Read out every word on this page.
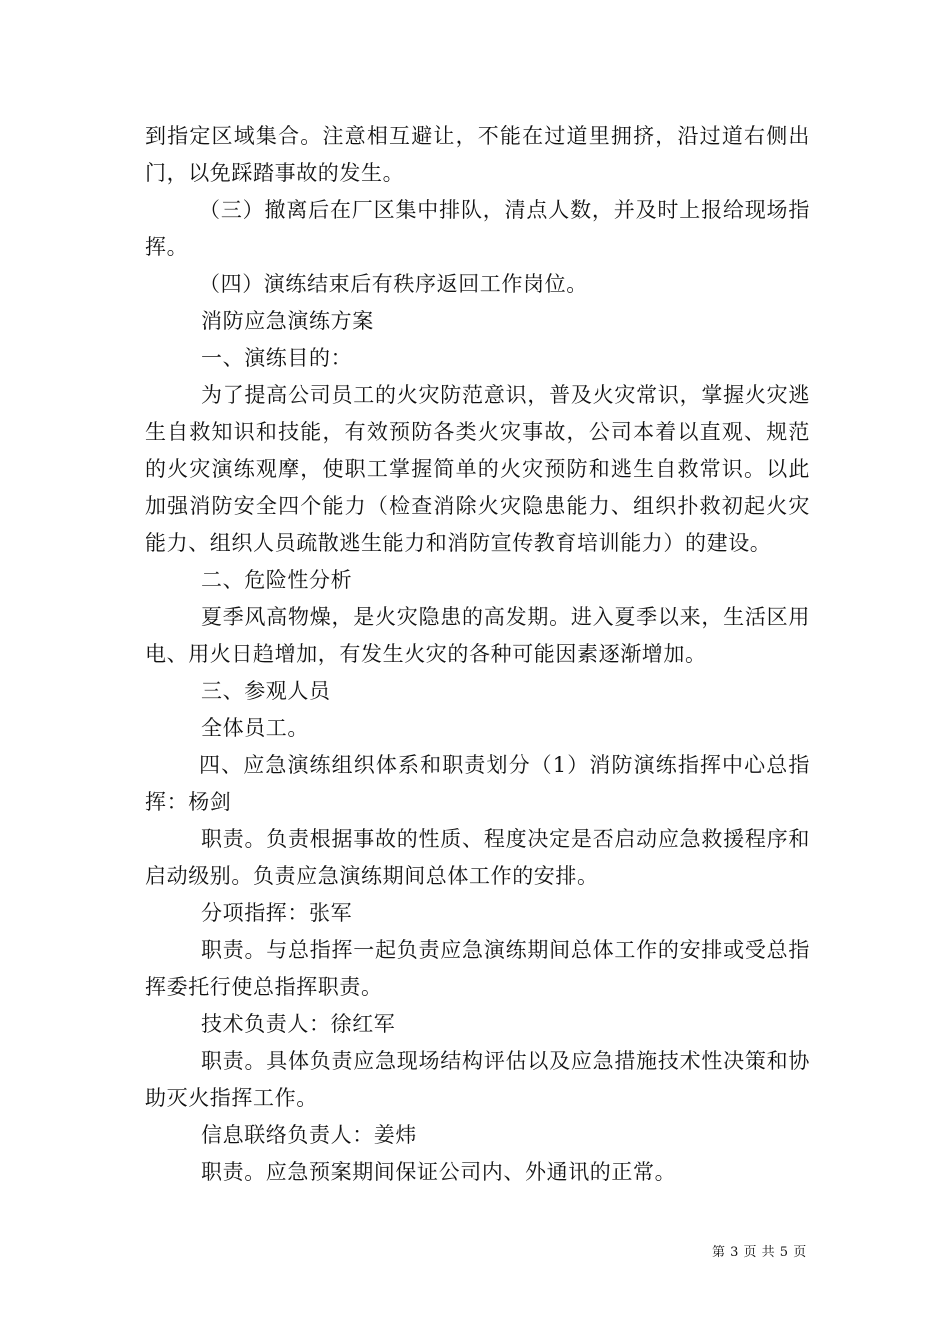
到指定区域集合。注意相互避让，不能在过道里拥挤，沿过道右侧出门，以免踩踏事故的发生。

（三）撤离后在厂区集中排队，清点人数，并及时上报给现场指挥。

（四）演练结束后有秩序返回工作岗位。

消防应急演练方案

一、演练目的：

为了提高公司员工的火灾防范意识，普及火灾常识，掌握火灾逃生自救知识和技能，有效预防各类火灾事故，公司本着以直观、规范的火灾演练观摩，使职工掌握简单的火灾预防和逃生自救常识。以此加强消防安全四个能力（检查消除火灾隐患能力、组织扑救初起火灾能力、组织人员疏散逃生能力和消防宣传教育培训能力）的建设。

二、危险性分析

夏季风高物燥，是火灾隐患的高发期。进入夏季以来，生活区用电、用火日趋增加，有发生火灾的各种可能因素逐渐增加。

三、参观人员

全体员工。

四、应急演练组织体系和职责划分（1）消防演练指挥中心总指挥：杨剑

职责。负责根据事故的性质、程度决定是否启动应急救援程序和启动级别。负责应急演练期间总体工作的安排。

分项指挥：张军

职责。与总指挥一起负责应急演练期间总体工作的安排或受总指挥委托行使总指挥职责。

技术负责人：徐红军

职责。具体负责应急现场结构评估以及应急措施技术性决策和协助灭火指挥工作。

信息联络负责人：姜炜

职责。应急预案期间保证公司内、外通讯的正常。

第 3 页 共 5 页
